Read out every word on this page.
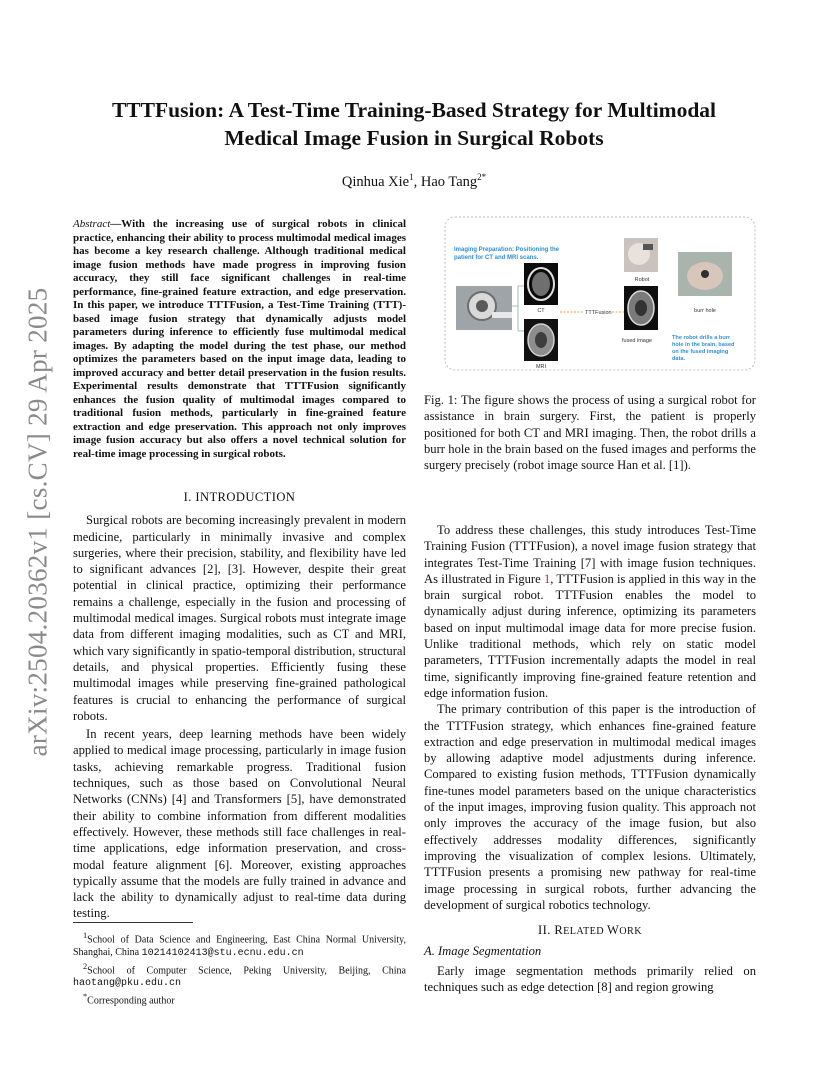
arXiv:2504.20362v1 [cs.CV] 29 Apr 2025
TTTFusion: A Test-Time Training-Based Strategy for Multimodal
Medical Image Fusion in Surgical Robots
Qinhua Xie$^1$, Hao Tang$^{2*}$
Abstract—With the increasing use of surgical robots in clinical practice, enhancing their ability to process multimodal medical images has become a key research challenge. Although traditional medical image fusion methods have made progress in improving fusion accuracy, they still face significant challenges in real-time performance, fine-grained feature extraction, and edge preservation. In this paper, we introduce TTTFusion, a Test-Time Training (TTT)-based image fusion strategy that dynamically adjusts model parameters during inference to efficiently fuse multimodal medical images. By adapting the model during the test phase, our method optimizes the parameters based on the input image data, leading to improved accuracy and better detail preservation in the fusion results. Experimental results demonstrate that TTTFusion significantly enhances the fusion quality of multimodal images compared to traditional fusion methods, particularly in fine-grained feature extraction and edge preservation. This approach not only improves image fusion accuracy but also offers a novel technical solution for real-time image processing in surgical robots.
I. INTRODUCTION

Surgical robots are becoming increasingly prevalent in modern medicine, particularly in minimally invasive and complex surgeries, where their precision, stability, and flexibility have led to significant advances [2], [3]. However, despite their great potential in clinical practice, optimizing their performance remains a challenge, especially in the fusion and processing of multimodal medical images. Surgical robots must integrate image data from different imaging modalities, such as CT and MRI, which vary significantly in spatio-temporal distribution, structural details, and physical properties. Efficiently fusing these multimodal images while preserving fine-grained pathological features is crucial to enhancing the performance of surgical robots.

In recent years, deep learning methods have been widely applied to medical image processing, particularly in image fusion tasks, achieving remarkable progress. Traditional fusion techniques, such as those based on Convolutional Neural Networks (CNNs) [4] and Transformers [5], have demonstrated their ability to combine information from different modalities effectively. However, these methods still face challenges in real-time applications, edge information preservation, and cross-modal feature alignment [6]. Moreover, existing approaches typically assume that the models are fully trained in advance and lack the ability to dynamically adjust to real-time data during testing.

$^1$School of Data Science and Engineering, East China Normal University, Shanghai, China 10214102413@stu.ecnu.edu.cn

$^2$School of Computer Science, Peking University, Beijing, China haotang@pku.edu.cn

*Corresponding author

Imaging Preparation: Positioning the
patient for CT and MRI scans.
CT
MRI
TTTFusion
Robot
fused image
burr hole
The robot drills a burr
hole in the brain, based
on the fused imaging
data.
Fig. 1: The figure shows the process of using a surgical robot for assistance in brain surgery. First, the patient is properly positioned for both CT and MRI imaging. Then, the robot drills a burr hole in the brain based on the fused images and performs the surgery precisely (robot image source Han et al. [1]).

To address these challenges, this study introduces Test-Time Training Fusion (TTTFusion), a novel image fusion strategy that integrates Test-Time Training [7] with image fusion techniques. As illustrated in Figure 1, TTTFusion is applied in this way in the brain surgical robot. TTTFusion enables the model to dynamically adjust during inference, optimizing its parameters based on input multimodal image data for more precise fusion. Unlike traditional methods, which rely on static model parameters, TTTFusion incrementally adapts the model in real time, significantly improving fine-grained feature retention and edge information fusion.

The primary contribution of this paper is the introduction of the TTTFusion strategy, which enhances fine-grained feature extraction and edge preservation in multimodal medical images by allowing adaptive model adjustments during inference. Compared to existing fusion methods, TTTFusion dynamically fine-tunes model parameters based on the unique characteristics of the input images, improving fusion quality. This approach not only improves the accuracy of the image fusion, but also effectively addresses modality differences, significantly improving the visualization of complex lesions. Ultimately, TTTFusion presents a promising new pathway for real-time image processing in surgical robots, further advancing the development of surgical robotics technology.

II. RELATED WORK
A. Image Segmentation

Early image segmentation methods primarily relied on techniques such as edge detection [8] and region growing
